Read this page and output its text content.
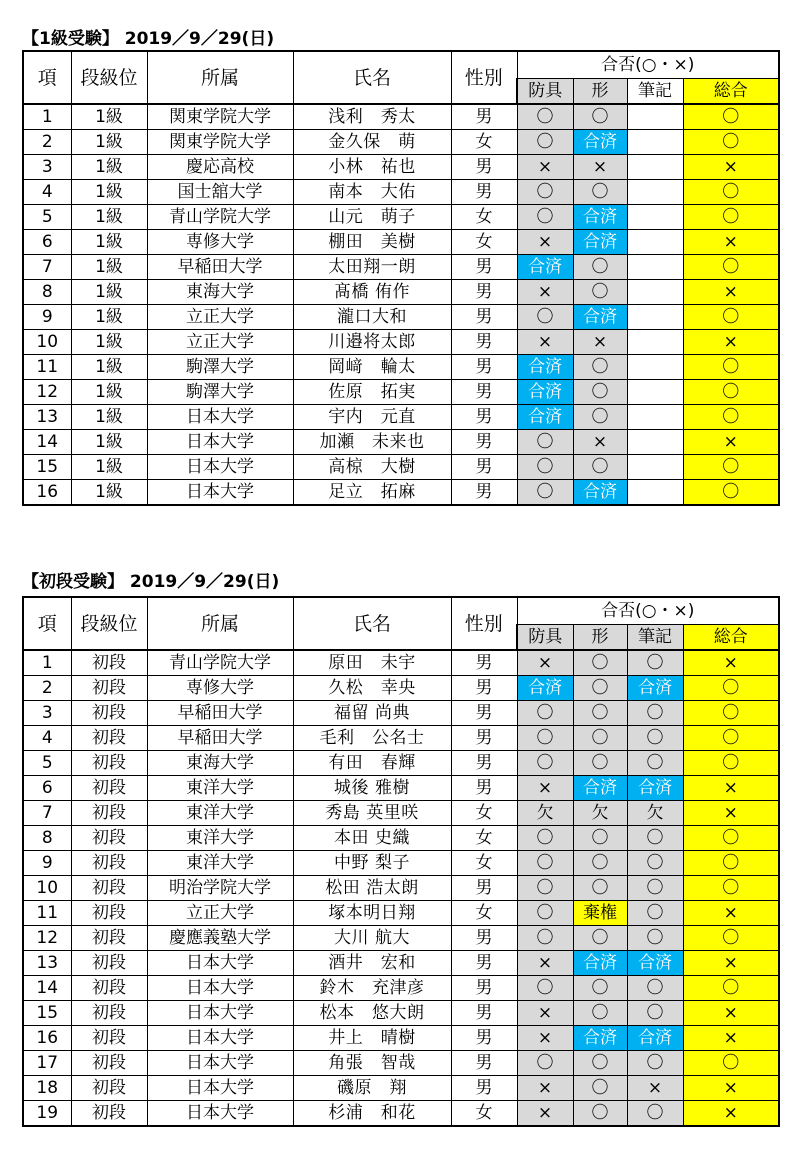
【1級受験】 2019／9／29(日)
項	段級位	所属	氏名	性別	合否(○・×)			
					防具	形	筆記	総合
1	1級	関東学院大学	浅利　秀太	男	〇	〇		〇
2	1級	関東学院大学	金久保　萌	女	〇	合済		〇
3	1級	慶応高校	小林　祐也	男	×	×		×
4	1級	国士舘大学	南本　大佑	男	〇	〇		〇
5	1級	青山学院大学	山元　萌子	女	〇	合済		〇
6	1級	専修大学	棚田　美樹	女	×	合済		×
7	1級	早稲田大学	太田翔一朗	男	合済	〇		〇
8	1級	東海大学	髙橋 侑作	男	×	〇		×
9	1級	立正大学	瀧口大和	男	〇	合済		〇
10	1級	立正大学	川邉将太郎	男	×	×		×
11	1級	駒澤大学	岡﨑　輪太	男	合済	〇		〇
12	1級	駒澤大学	佐原　拓実	男	合済	〇		〇
13	1級	日本大学	宇内　元直	男	合済	〇		〇
14	1級	日本大学	加瀬　未来也	男	〇	×		×
15	1級	日本大学	高椋　大樹	男	〇	〇		〇
16	1級	日本大学	足立　拓麻	男	〇	合済		〇
【初段受験】 2019／9／29(日)
項	段級位	所属	氏名	性別	合否(○・×)			
					防具	形	筆記	総合
1	初段	青山学院大学	原田　未宇	男	×	〇	〇	×
2	初段	専修大学	久松　幸央	男	合済	〇	合済	〇
3	初段	早稲田大学	福留 尚典	男	〇	〇	〇	〇
4	初段	早稲田大学	毛利　公名士	男	〇	〇	〇	〇
5	初段	東海大学	有田　春輝	男	〇	〇	〇	〇
6	初段	東洋大学	城後 雅樹	男	×	合済	合済	×
7	初段	東洋大学	秀島 英里咲	女	欠	欠	欠	×
8	初段	東洋大学	本田 史織	女	〇	〇	〇	〇
9	初段	東洋大学	中野 梨子	女	〇	〇	〇	〇
10	初段	明治学院大学	松田 浩太朗	男	〇	〇	〇	〇
11	初段	立正大学	塚本明日翔	女	〇	棄権	〇	×
12	初段	慶應義塾大学	大川 航大	男	〇	〇	〇	〇
13	初段	日本大学	酒井　宏和	男	×	合済	合済	×
14	初段	日本大学	鈴木　充津彦	男	〇	〇	〇	〇
15	初段	日本大学	松本　悠大朗	男	×	〇	〇	×
16	初段	日本大学	井上　晴樹	男	×	合済	合済	×
17	初段	日本大学	角張　智哉	男	〇	〇	〇	〇
18	初段	日本大学	磯原　翔	男	×	〇	×	×
19	初段	日本大学	杉浦　和花	女	×	〇	〇	×
